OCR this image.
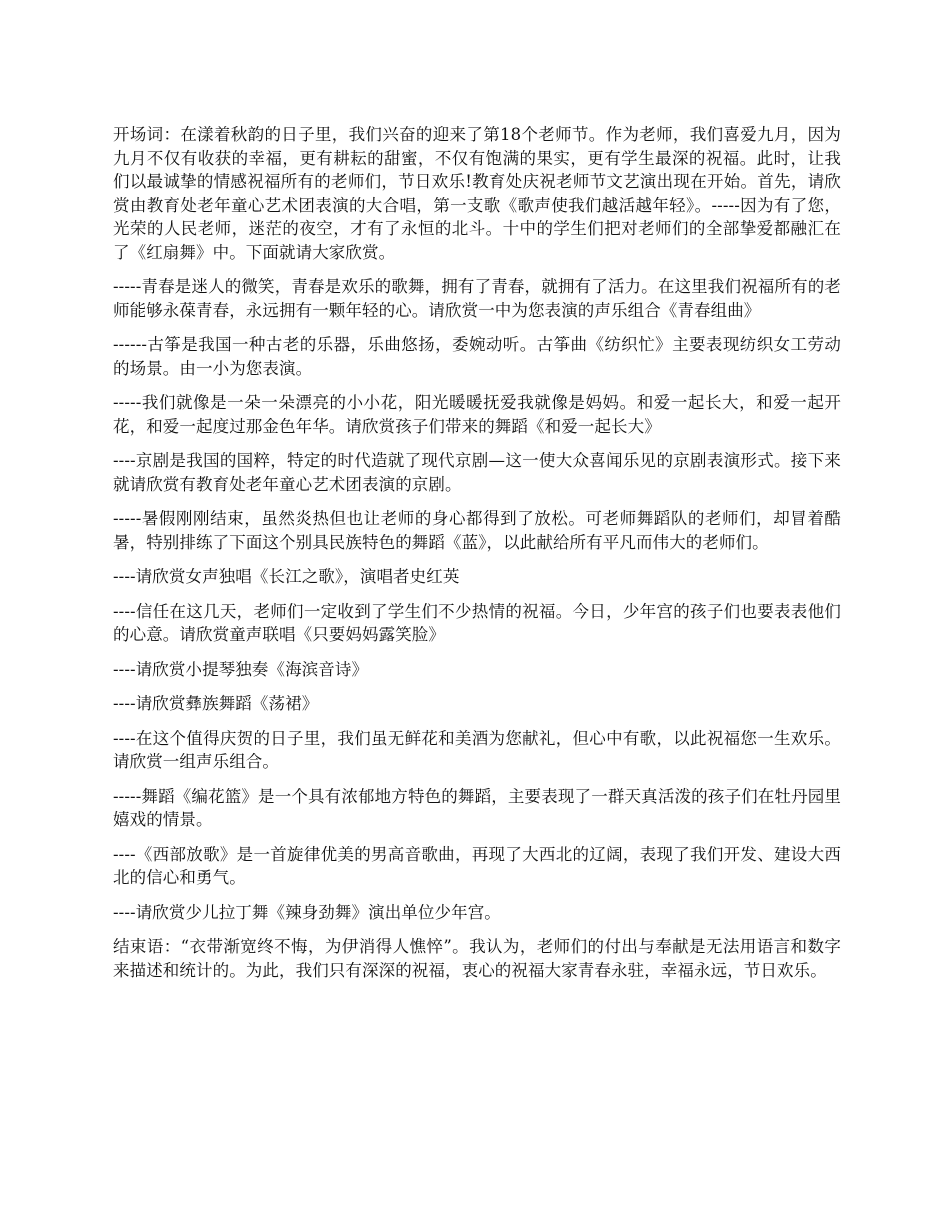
开场词：在漾着秋韵的日子里，我们兴奋的迎来了第18个老师节。作为老师，我们喜爱九月，因为九月不仅有收获的幸福，更有耕耘的甜蜜，不仅有饱满的果实，更有学生最深的祝福。此时，让我们以最诚挚的情感祝福所有的老师们，节日欢乐!教育处庆祝老师节文艺演出现在开始。首先，请欣赏由教育处老年童心艺术团表演的大合唱，第一支歌《歌声使我们越活越年轻》。-----因为有了您，光荣的人民老师，迷茫的夜空，才有了永恒的北斗。十中的学生们把对老师们的全部挚爱都融汇在了《红扇舞》中。下面就请大家欣赏。

-----青春是迷人的微笑，青春是欢乐的歌舞，拥有了青春，就拥有了活力。在这里我们祝福所有的老师能够永葆青春，永远拥有一颗年轻的心。请欣赏一中为您表演的声乐组合《青春组曲》

------古筝是我国一种古老的乐器，乐曲悠扬，委婉动听。古筝曲《纺织忙》主要表现纺织女工劳动的场景。由一小为您表演。

-----我们就像是一朵一朵漂亮的小小花，阳光暖暖抚爱我就像是妈妈。和爱一起长大，和爱一起开花，和爱一起度过那金色年华。请欣赏孩子们带来的舞蹈《和爱一起长大》

----京剧是我国的国粹，特定的时代造就了现代京剧—这一使大众喜闻乐见的京剧表演形式。接下来就请欣赏有教育处老年童心艺术团表演的京剧。

-----暑假刚刚结束，虽然炎热但也让老师的身心都得到了放松。可老师舞蹈队的老师们，却冒着酷暑，特别排练了下面这个别具民族特色的舞蹈《蓝》，以此献给所有平凡而伟大的老师们。

----请欣赏女声独唱《长江之歌》，演唱者史红英

----信任在这几天，老师们一定收到了学生们不少热情的祝福。今日，少年宫的孩子们也要表表他们的心意。请欣赏童声联唱《只要妈妈露笑脸》

----请欣赏小提琴独奏《海滨音诗》

----请欣赏彝族舞蹈《荡裙》

----在这个值得庆贺的日子里，我们虽无鲜花和美酒为您献礼，但心中有歌，以此祝福您一生欢乐。请欣赏一组声乐组合。

-----舞蹈《编花篮》是一个具有浓郁地方特色的舞蹈，主要表现了一群天真活泼的孩子们在牡丹园里嬉戏的情景。

----《西部放歌》是一首旋律优美的男高音歌曲，再现了大西北的辽阔，表现了我们开发、建设大西北的信心和勇气。

----请欣赏少儿拉丁舞《辣身劲舞》演出单位少年宫。

结束语：“衣带渐宽终不悔，为伊消得人憔悴”。我认为，老师们的付出与奉献是无法用语言和数字来描述和统计的。为此，我们只有深深的祝福，衷心的祝福大家青春永驻，幸福永远，节日欢乐。
